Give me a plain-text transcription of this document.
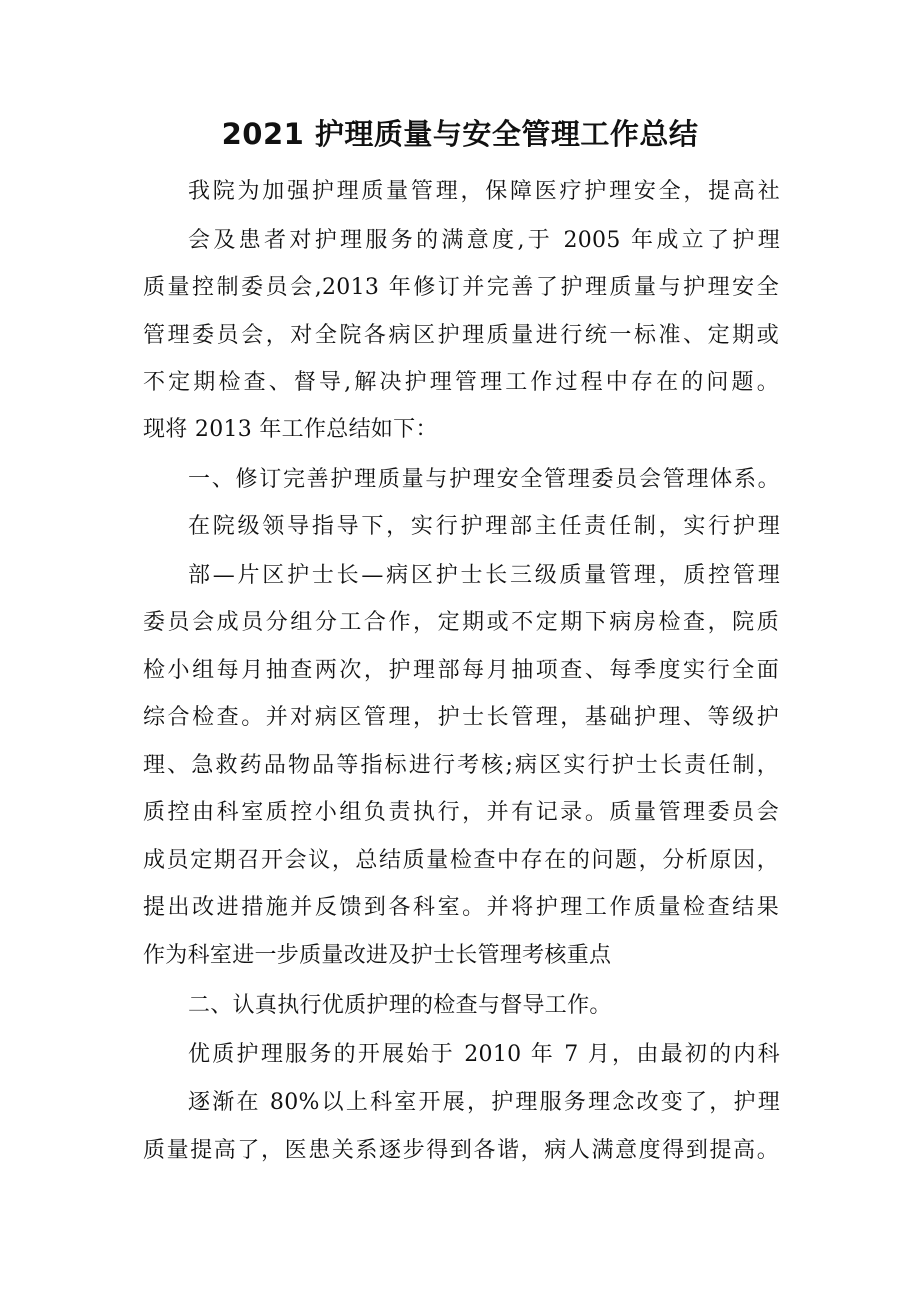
2021 护理质量与安全管理工作总结

我院为加强护理质量管理，保障医疗护理安全，提高社

会及患者对护理服务的满意度,于 2005 年成立了护理

质量控制委员会,2013 年修订并完善了护理质量与护理安全

管理委员会，对全院各病区护理质量进行统一标准、定期或

不定期检查、督导,解决护理管理工作过程中存在的问题。

现将 2013 年工作总结如下：

一、修订完善护理质量与护理安全管理委员会管理体系。

在院级领导指导下，实行护理部主任责任制，实行护理

部—片区护士长—病区护士长三级质量管理，质控管理

委员会成员分组分工合作，定期或不定期下病房检查，院质

检小组每月抽查两次，护理部每月抽项查、每季度实行全面

综合检查。并对病区管理，护士长管理，基础护理、等级护

理、急救药品物品等指标进行考核;病区实行护士长责任制，

质控由科室质控小组负责执行，并有记录。质量管理委员会

成员定期召开会议，总结质量检查中存在的问题，分析原因，

提出改进措施并反馈到各科室。并将护理工作质量检查结果

作为科室进一步质量改进及护士长管理考核重点

二、认真执行优质护理的检查与督导工作。

优质护理服务的开展始于 2010 年 7 月，由最初的内科

逐渐在 80%以上科室开展，护理服务理念改变了，护理

质量提高了，医患关系逐步得到各谐，病人满意度得到提高。
